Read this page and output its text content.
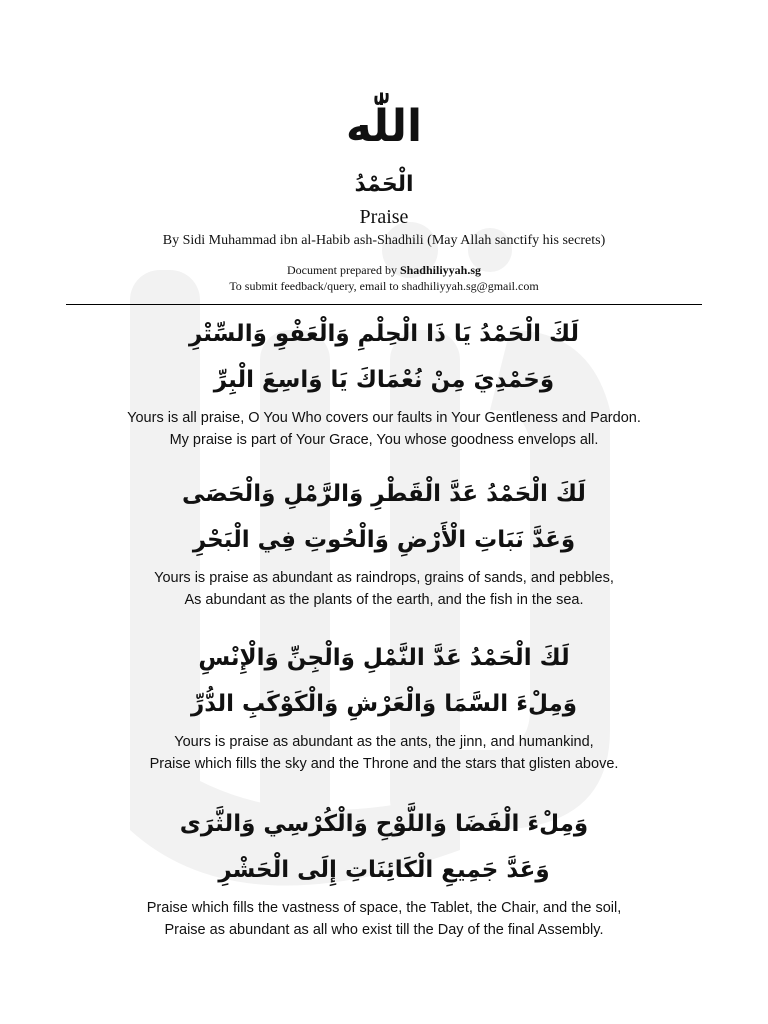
اللّٰه
الْحَمْدُ
Praise
By Sidi Muhammad ibn al-Habib ash-Shadhili (May Allah sanctify his secrets)
Document prepared by Shadhiliyyah.sg
To submit feedback/query, email to shadhiliyyah.sg@gmail.com
لَكَ الْحَمْدُ يَا ذَا الْحِلْمِ وَالْعَفْوِ وَالسِّتْرِ
وَحَمْدِيَ مِنْ نُعْمَاكَ يَا وَاسِعَ الْبِرِّ
Yours is all praise, O You Who covers our faults in Your Gentleness and Pardon.
My praise is part of Your Grace, You whose goodness envelops all.
لَكَ الْحَمْدُ عَدَّ الْقَطْرِ وَالرَّمْلِ وَالْحَصَى
وَعَدَّ نَبَاتِ الْأَرْضِ وَالْحُوتِ فِي الْبَحْرِ
Yours is praise as abundant as raindrops, grains of sands, and pebbles,
As abundant as the plants of the earth, and the fish in the sea.
لَكَ الْحَمْدُ عَدَّ النَّمْلِ وَالْجِنِّ وَالْإِنْسِ
وَمِلْءَ السَّمَا وَالْعَرْشِ وَالْكَوْكَبِ الدُّرِّ
Yours is praise as abundant as the ants, the jinn, and humankind,
Praise which fills the sky and the Throne and the stars that glisten above.
وَمِلْءَ الْفَضَا وَاللَّوْحِ وَالْكُرْسِي وَالثَّرَى
وَعَدَّ جَمِيعِ الْكَائِنَاتِ إِلَى الْحَشْرِ
Praise which fills the vastness of space, the Tablet, the Chair, and the soil,
Praise as abundant as all who exist till the Day of the final Assembly.
